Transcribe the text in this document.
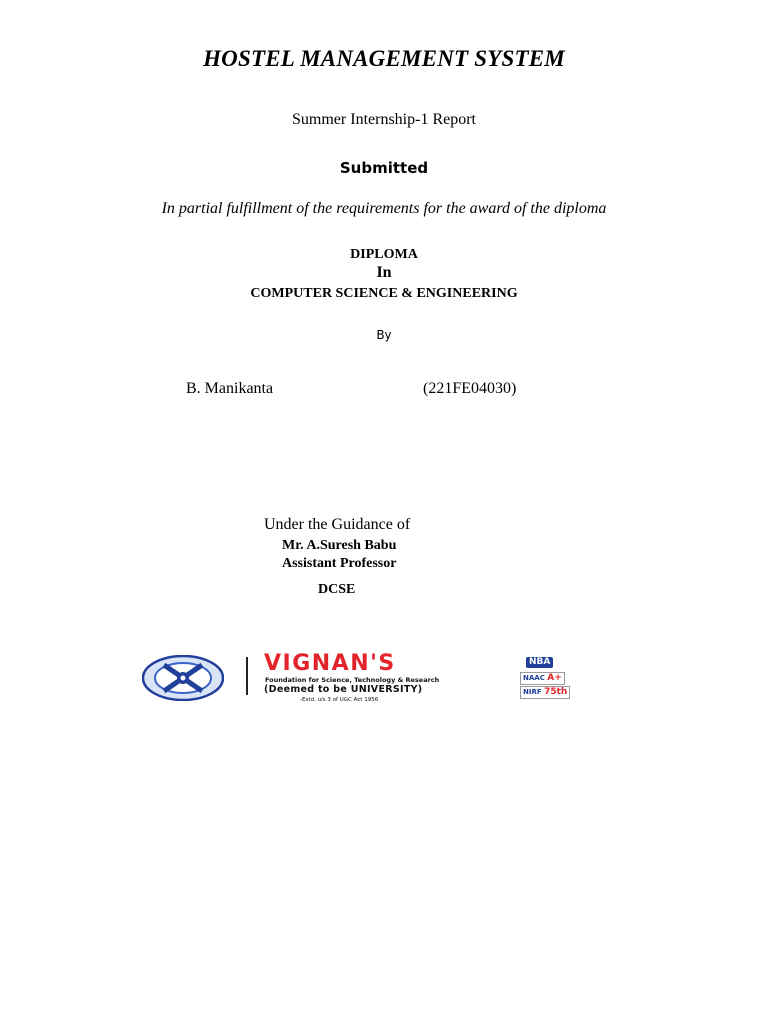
HOSTEL MANAGEMENT SYSTEM
Summer Internship-1 Report
Submitted
In partial fulfillment of the requirements for the award of the diploma
DIPLOMA
In
COMPUTER SCIENCE & ENGINEERING
By
B. Manikanta	(221FE04030)
Under the Guidance of
Mr. A.Suresh Babu
Assistant Professor
DCSE
VIGNAN'S
Foundation for Science, Technology & Research
(Deemed to be UNIVERSITY)
-Estd. u/s 3 of UGC Act 1956
NBA
NAAC A+
NIRF 75th
